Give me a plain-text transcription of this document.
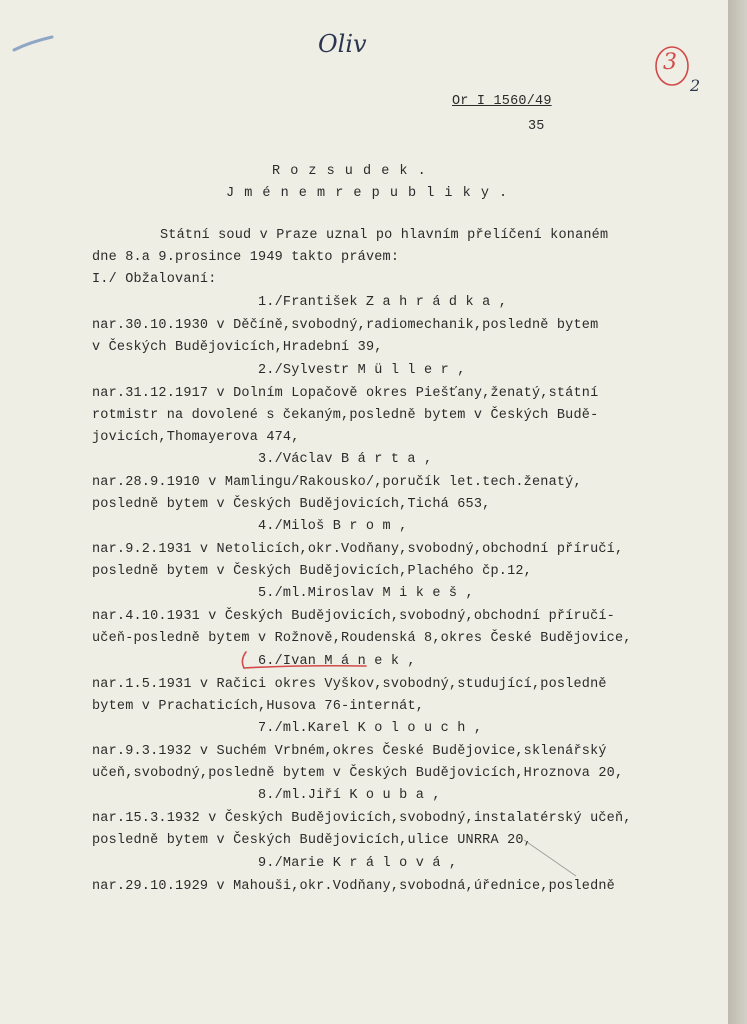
Oliv
3
2
Or I 1560/49
35
R o z s u d e k .
J m é n e m r e p u b l i k y .
Státní soud v Praze uznal po hlavním přelíčení konaném
dne 8.a 9.prosince 1949 takto právem:
I./ Obžalovaní:
1./František Z a h r á d k a ,
nar.30.10.1930 v Děčíně,svobodný,radiomechanik,posledně bytem
v Českých Budějovicích,Hradební 39,
2./Sylvestr M ü l l e r ,
nar.31.12.1917 v Dolním Lopačově okres Piešťany,ženatý,státní
rotmistr na dovolené s čekaným,posledně bytem v Českých Budě-
jovicích,Thomayerova 474,
3./Václav B á r t a ,
nar.28.9.1910 v Mamlingu/Rakousko/,poručík let.tech.ženatý,
posledně bytem v Českých Budějovicích,Tichá 653,
4./Miloš B r o m ,
nar.9.2.1931 v Netolicích,okr.Vodňany,svobodný,obchodní příručí,
posledně bytem v Českých Budějovicích,Plachého čp.12,
5./ml.Miroslav M i k e š ,
nar.4.10.1931 v Českých Budějovicích,svobodný,obchodní příručí-
učeň-posledně bytem v Rožnově,Roudenská 8,okres České Budějovice,
6./Ivan M á n e k ,
nar.1.5.1931 v Račici okres Vyškov,svobodný,studující,posledně
bytem v Prachaticích,Husova 76-internát,
7./ml.Karel K o l o u c h ,
nar.9.3.1932 v Suchém Vrbném,okres České Budějovice,sklenářský
učeň,svobodný,posledně bytem v Českých Budějovicích,Hroznova 20,
8./ml.Jiří K o u b a ,
nar.15.3.1932 v Českých Budějovicích,svobodný,instalatérský učeň,
posledně bytem v Českých Budějovicích,ulice UNRRA 20,
9./Marie K r á l o v á ,
nar.29.10.1929 v Mahouši,okr.Vodňany,svobodná,úřednice,posledně
